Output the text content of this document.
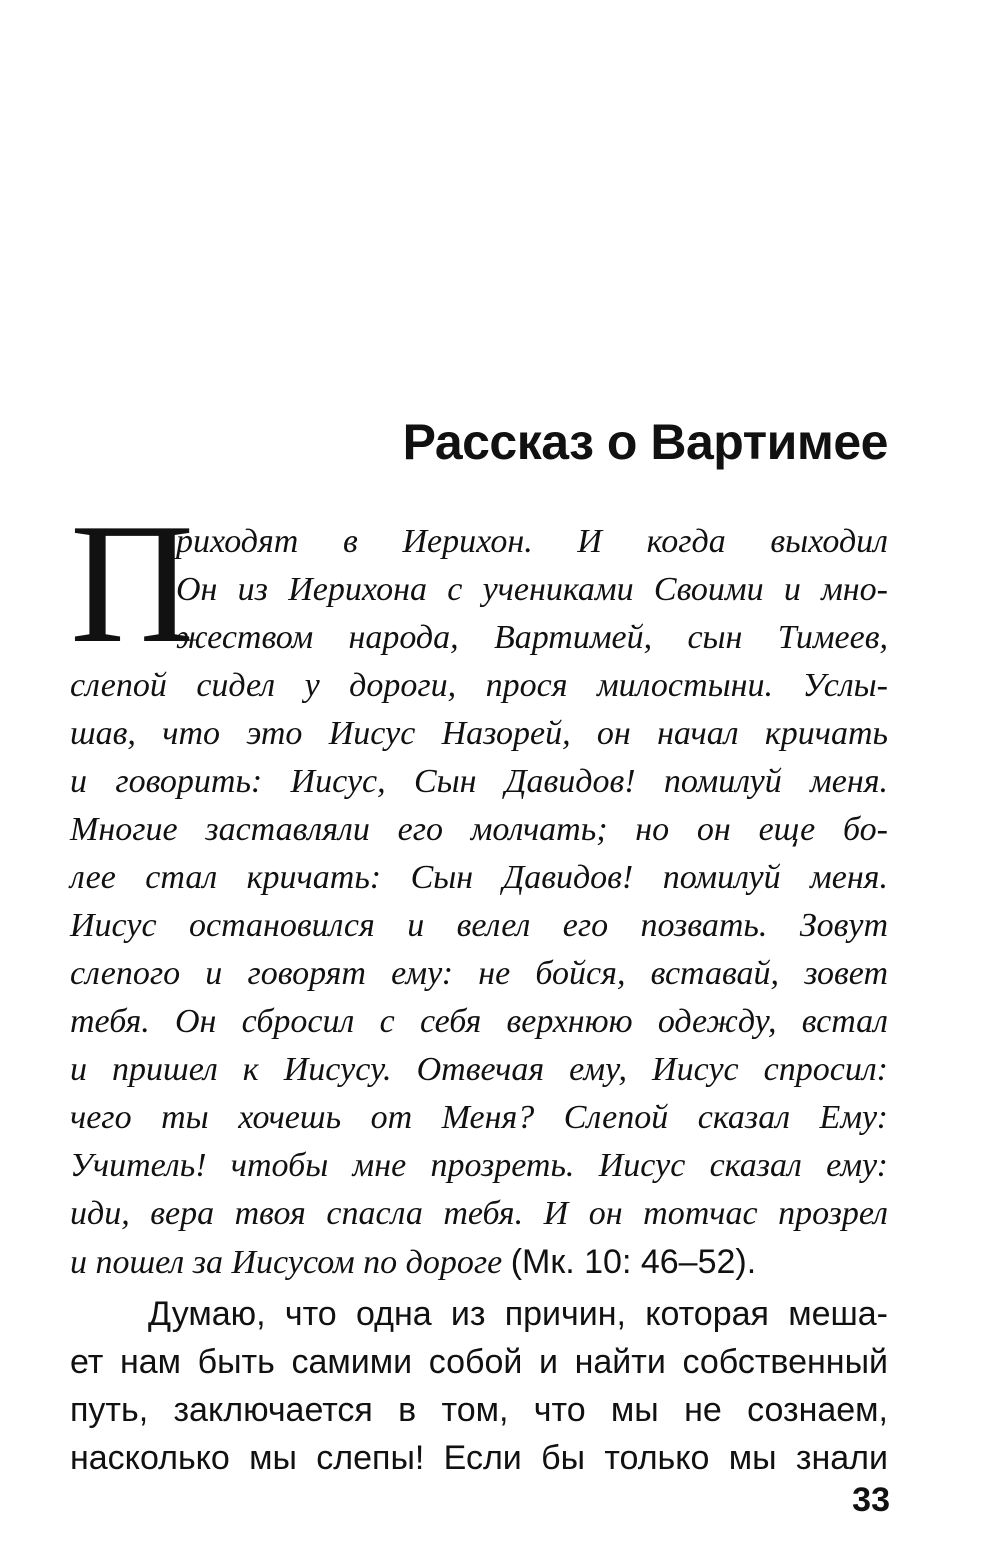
Рассказ о Вартимее
П

риходят в Иерихон. И когда выходил

Он из Иерихона с учениками Своими и мно-

жеством народа, Вартимей, сын Тимеев,

слепой сидел у дороги, прося милостыни. Услы-

шав, что это Иисус Назорей, он начал кричать

и говорить: Иисус, Сын Давидов! помилуй меня.

Многие заставляли его молчать; но он еще бо-

лее стал кричать: Сын Давидов! помилуй меня.

Иисус остановился и велел его позвать. Зовут

слепого и говорят ему: не бойся, вставай, зовет

тебя. Он сбросил с себя верхнюю одежду, встал

и пришел к Иисусу. Отвечая ему, Иисус спросил:

чего ты хочешь от Меня? Слепой сказал Ему:

Учитель! чтобы мне прозреть. Иисус сказал ему:

иди, вера твоя спасла тебя. И он тотчас прозрел

и пошел за Иисусом по дороге (Мк. 10: 46–52).

Думаю, что одна из причин, которая меша-

ет нам быть самими собой и найти собственный

путь, заключается в том, что мы не сознаем,

насколько мы слепы! Если бы только мы знали

33
